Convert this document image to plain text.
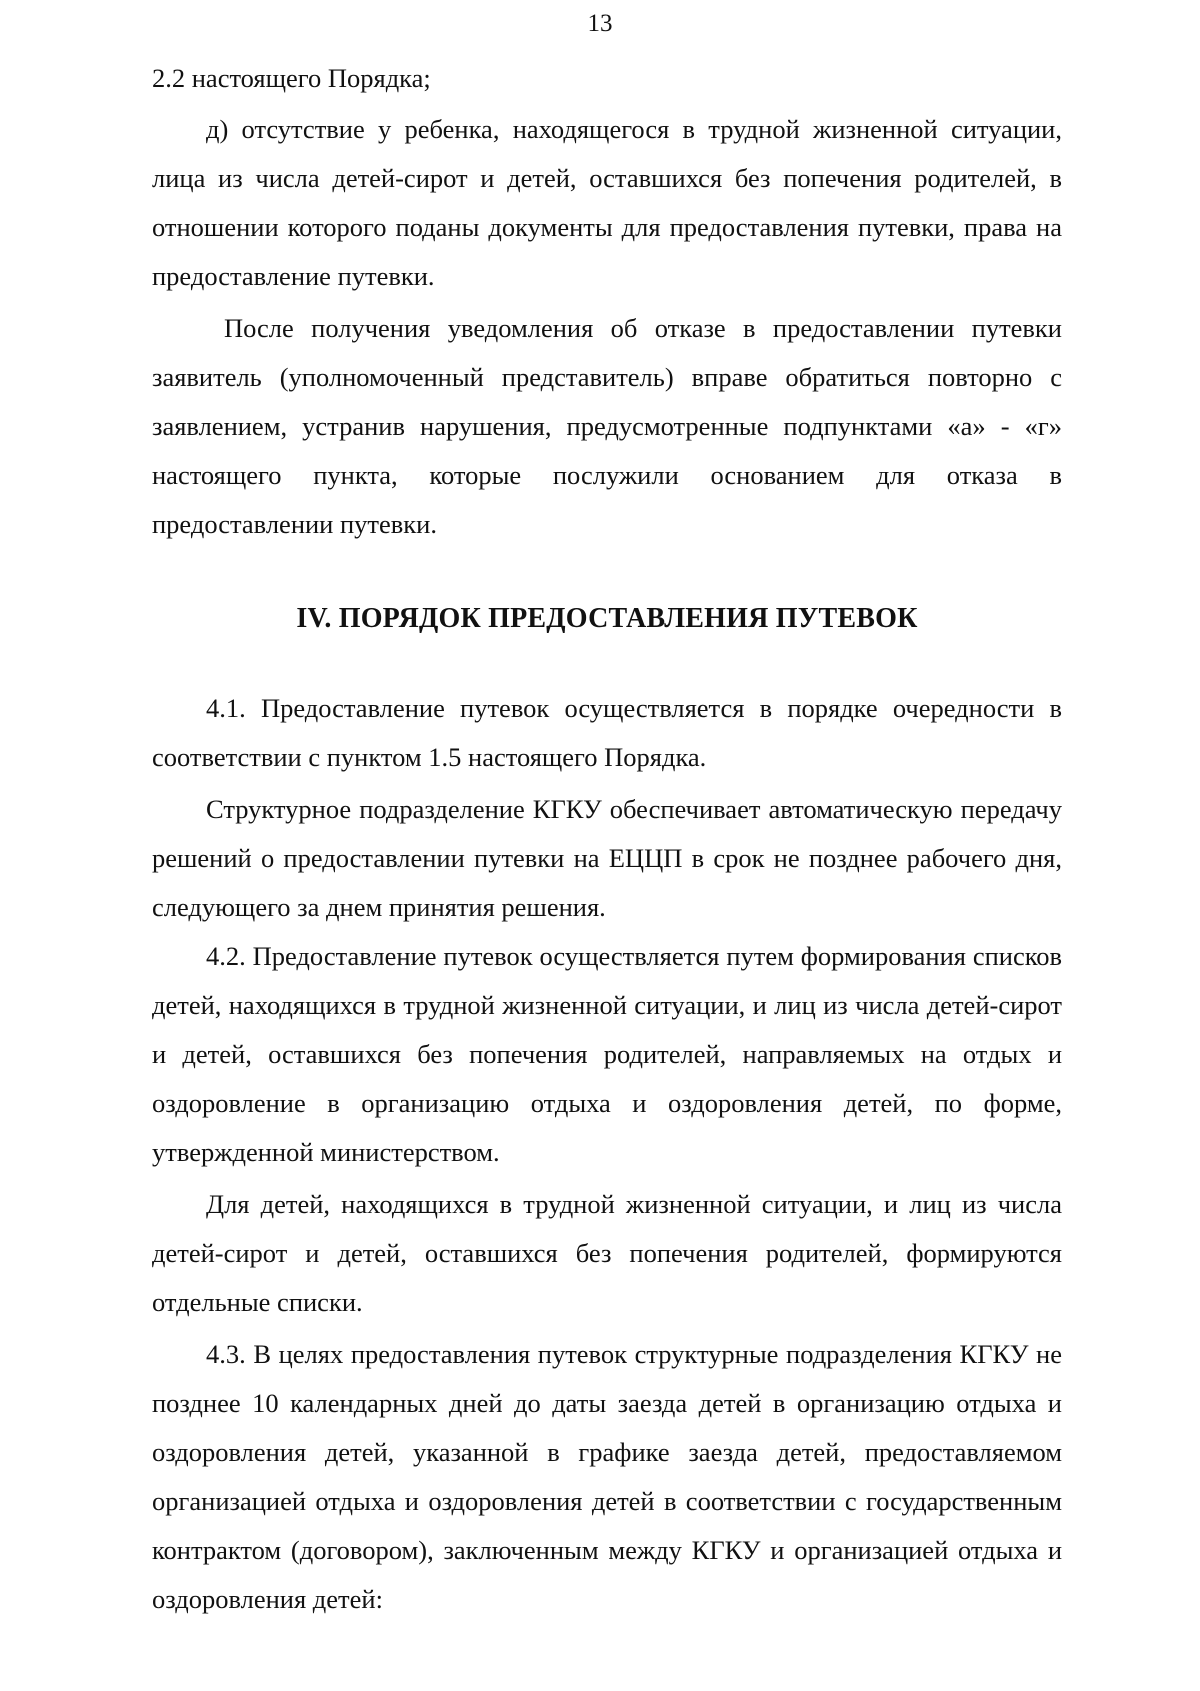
13

2.2 настоящего Порядка;

д) отсутствие у ребенка, находящегося в трудной жизненной ситуации, лица из числа детей-сирот и детей, оставшихся без попечения родителей, в отношении которого поданы документы для предоставления путевки, права на предоставление путевки.

После получения уведомления об отказе в предоставлении путевки заявитель (уполномоченный представитель) вправе обратиться повторно с заявлением, устранив нарушения, предусмотренные подпунктами «а» - «г» настоящего пункта, которые послужили основанием для отказа в предоставлении путевки.

IV. ПОРЯДОК ПРЕДОСТАВЛЕНИЯ ПУТЕВОК

4.1. Предоставление путевок осуществляется в порядке очередности в соответствии с пунктом 1.5 настоящего Порядка.

Структурное подразделение КГКУ обеспечивает автоматическую передачу решений о предоставлении путевки на ЕЦЦП в срок не позднее рабочего дня, следующего за днем принятия решения.

4.2. Предоставление путевок осуществляется путем формирования списков детей, находящихся в трудной жизненной ситуации, и лиц из числа детей-сирот и детей, оставшихся без попечения родителей, направляемых на отдых и оздоровление в организацию отдыха и оздоровления детей, по форме, утвержденной министерством.

Для детей, находящихся в трудной жизненной ситуации, и лиц из числа детей-сирот и детей, оставшихся без попечения родителей, формируются отдельные списки.

4.3. В целях предоставления путевок структурные подразделения КГКУ не позднее 10 календарных дней до даты заезда детей в организацию отдыха и оздоровления детей, указанной в графике заезда детей, предоставляемом организацией отдыха и оздоровления детей в соответствии с государственным контрактом (договором), заключенным между КГКУ и организацией отдыха и оздоровления детей:
